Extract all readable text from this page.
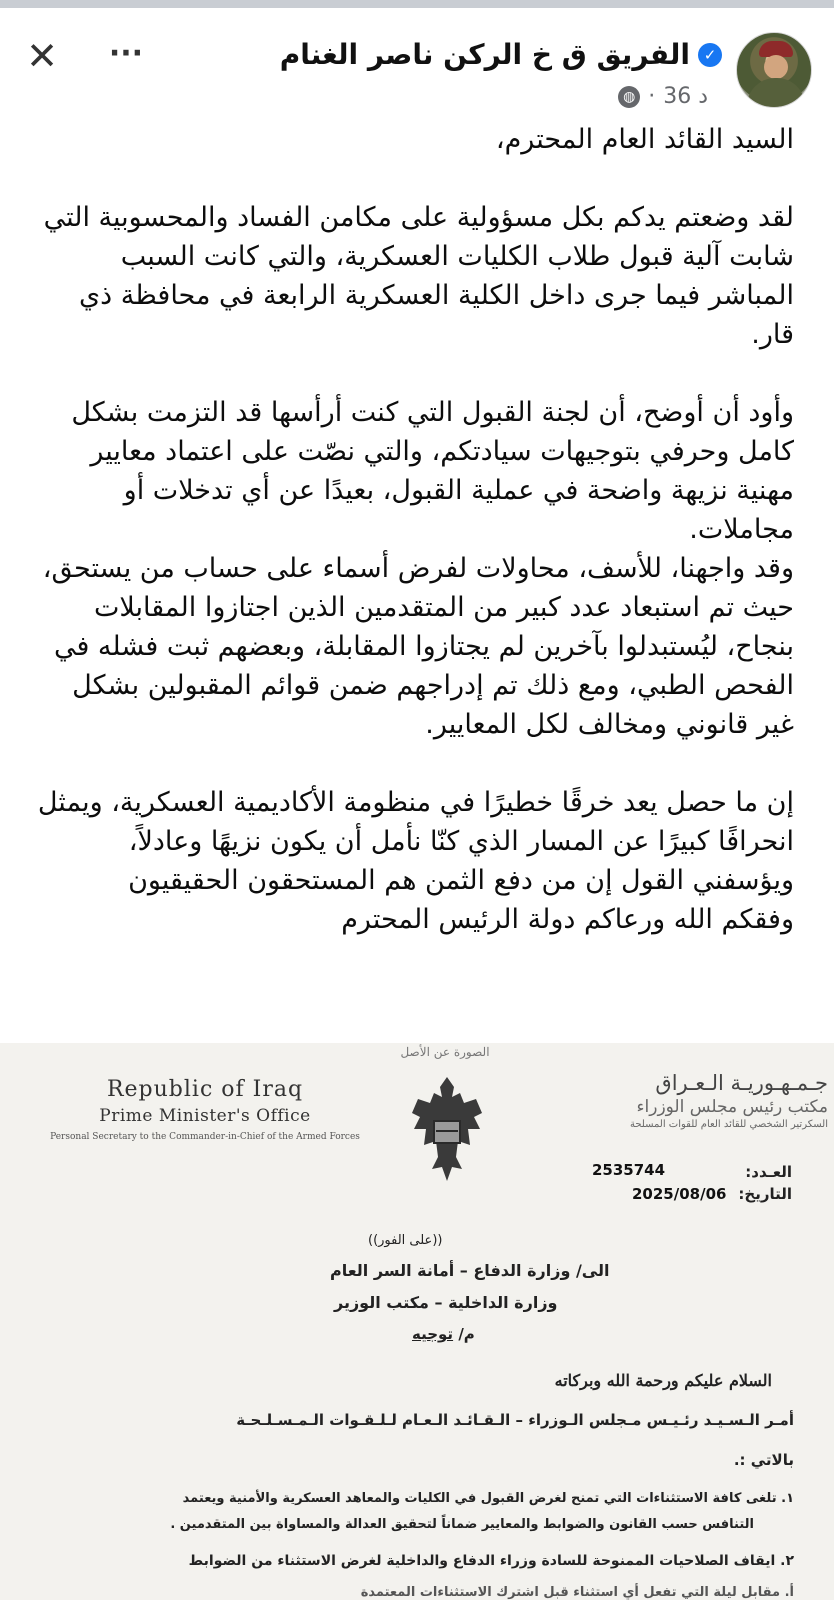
✕ ···	الفريق ق خ الركن ناصر الغنام ✓
◍ · 36 د

السيد القائد العام المحترم،

لقد وضعتم يدكم بكل مسؤولية على مكامن الفساد والمحسوبية التي شابت آلية قبول طلاب الكليات العسكرية، والتي كانت السبب المباشر فيما جرى داخل الكلية العسكرية الرابعة في محافظة ذي قار.

وأود أن أوضح، أن لجنة القبول التي كنت أرأسها قد التزمت بشكل كامل وحرفي بتوجيهات سيادتكم، والتي نصّت على اعتماد معايير مهنية نزيهة واضحة في عملية القبول، بعيدًا عن أي تدخلات أو مجاملات.

وقد واجهنا، للأسف، محاولات لفرض أسماء على حساب من يستحق، حيث تم استبعاد عدد كبير من المتقدمين الذين اجتازوا المقابلات بنجاح، ليُستبدلوا بآخرين لم يجتازوا المقابلة، وبعضهم ثبت فشله في الفحص الطبي، ومع ذلك تم إدراجهم ضمن قوائم المقبولين بشكل غير قانوني ومخالف لكل المعايير.

إن ما حصل يعد خرقًا خطيرًا في منظومة الأكاديمية العسكرية، ويمثل انحرافًا كبيرًا عن المسار الذي كنّا نأمل أن يكون نزيهًا وعادلاً، ويؤسفني القول إن من دفع الثمن هم المستحقون الحقيقيون

وفقكم الله ورعاكم دولة الرئيس المحترم

الصورة عن الأصل
Republic of Iraq
Prime Minister's Office
Personal Secretary to the Commander-in-Chief of the Armed Forces
جـمـهـوريـة الـعـراق
مكتب رئيس مجلس الوزراء
السكرتير الشخصي للقائد العام للقوات المسلحة
العـدد:
2535744
التاريخ:
2025/08/06
((على الفور))
الى/ وزارة الدفاع – أمانة السر العام
وزارة الداخلية – مكتب الوزير
م/ توجيه
السلام عليكم ورحمة الله وبركاته
أمـر الـسـيـد رئـيـس مـجلس الـوزراء – الـقـائـد الـعـام لـلـقـوات الـمـسـلـحـة
بالاتي :.
١. تلغى كافة الاستثناءات التي تمنح لغرض القبول في الكليات والمعاهد العسكرية والأمنية ويعتمد
التنافس حسب القانون والضوابط والمعايير ضماناً لتحقيق العدالة والمساواة بين المتقدمين .
٢. ايقاف الصلاحيات الممنوحة للسادة وزراء الدفاع والداخلية لغرض الاستثناء من الضوابط
أ. مقابل ليلة التي تفعل أي استثناء قبل اشترك الاستثناءات المعتمدة
